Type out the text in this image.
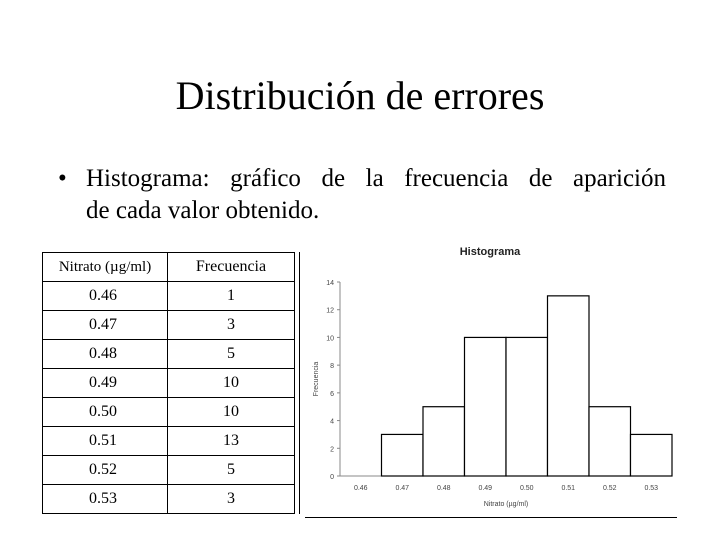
Distribución de errores
• Histograma: gráfico de la frecuencia de aparición
de cada valor obtenido.
Nitrato (µg/ml)	Frecuencia
0.46	1
0.47	3
0.48	5
0.49	10
0.50	10
0.51	13
0.52	5
0.53	3
Histograma
0
2
4
6
8
10
12
14
0.46	0.47	0.48	0.49	0.50	0.51	0.52	0.53
Nitrato (µg/ml)
Frecuencia
